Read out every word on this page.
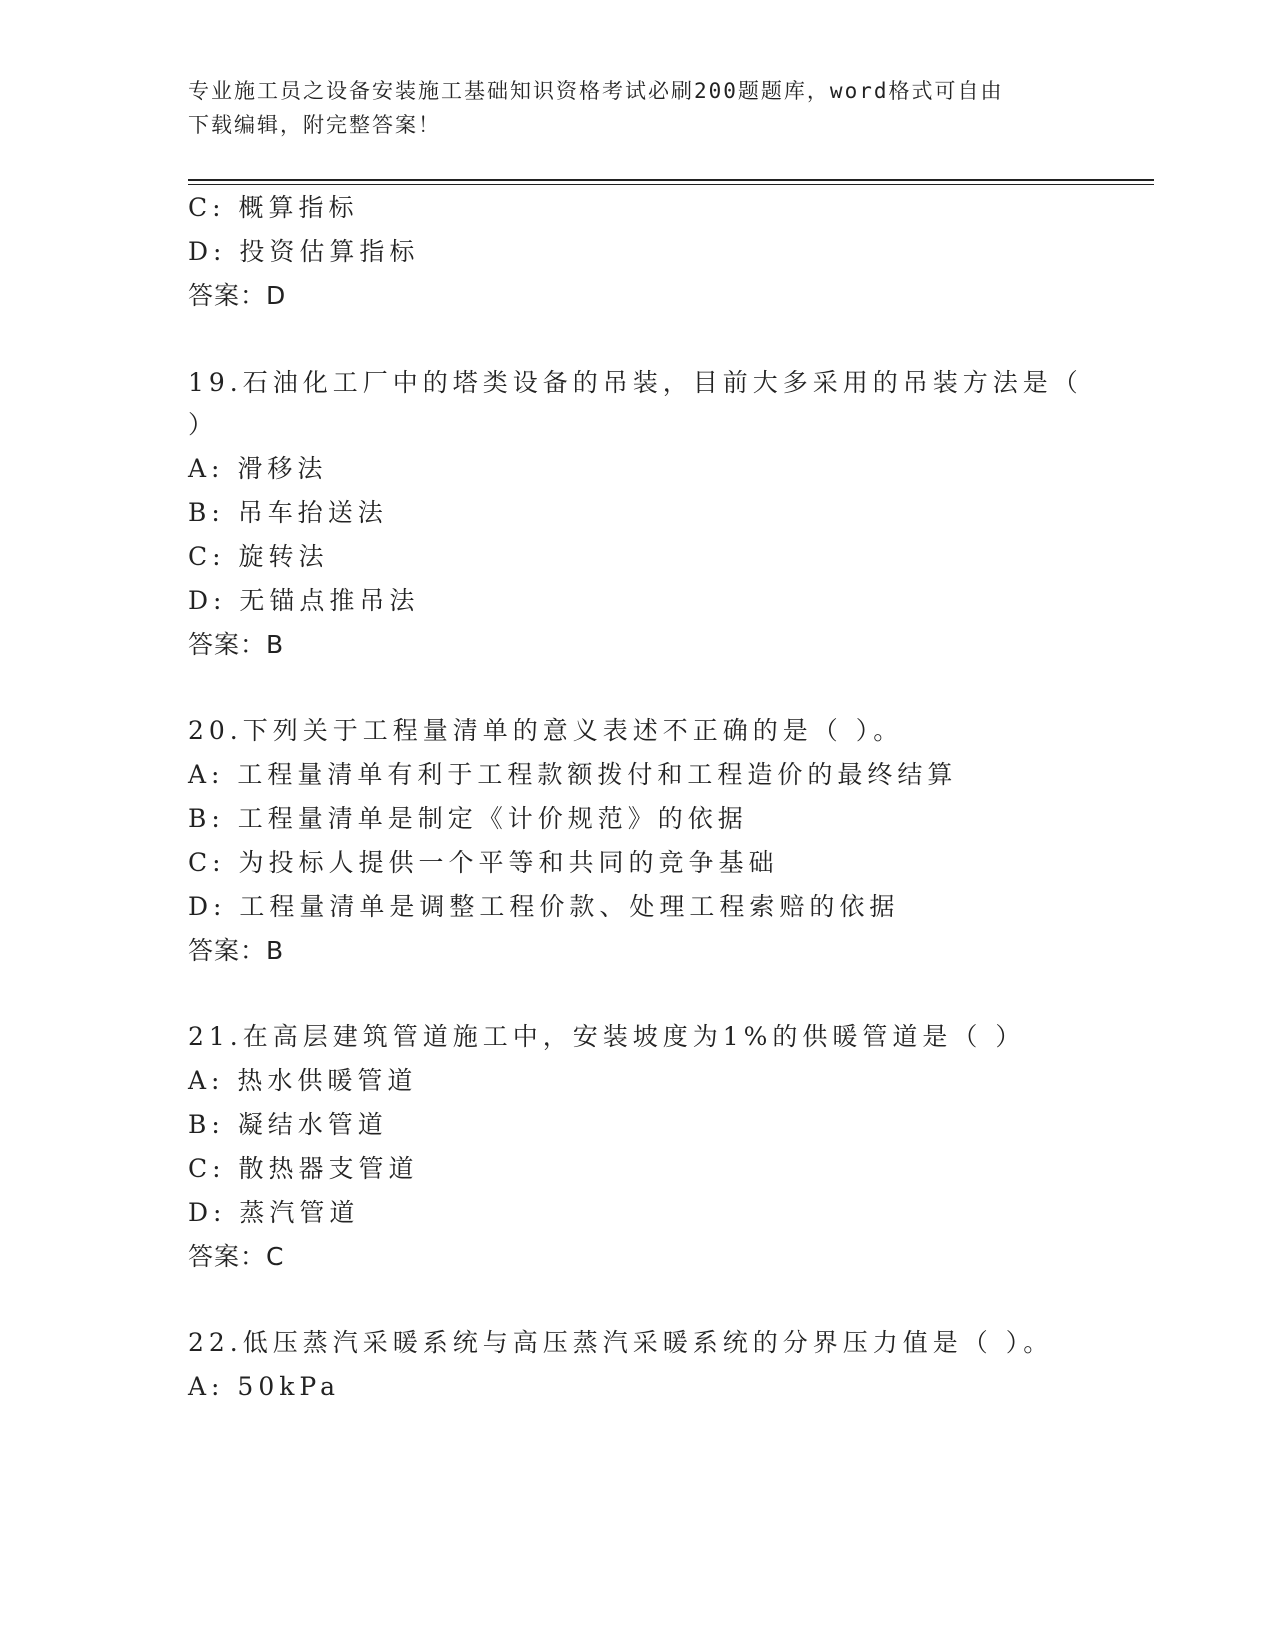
专业施工员之设备安装施工基础知识资格考试必刷200题题库，word格式可自由
下载编辑，附完整答案！
C: 概算指标
D: 投资估算指标
答案：D
19.石油化工厂中的塔类设备的吊装，目前大多采用的吊装方法是（
）
A: 滑移法
B: 吊车抬送法
C: 旋转法
D: 无锚点推吊法
答案：B
20.下列关于工程量清单的意义表述不正确的是（ ）。
A: 工程量清单有利于工程款额拨付和工程造价的最终结算
B: 工程量清单是制定《计价规范》的依据
C: 为投标人提供一个平等和共同的竞争基础
D: 工程量清单是调整工程价款、处理工程索赔的依据
答案：B
21.在高层建筑管道施工中，安装坡度为1%的供暖管道是（ ）
A: 热水供暖管道
B: 凝结水管道
C: 散热器支管道
D: 蒸汽管道
答案：C
22.低压蒸汽采暖系统与高压蒸汽采暖系统的分界压力值是（ ）。
A: 50kPa
